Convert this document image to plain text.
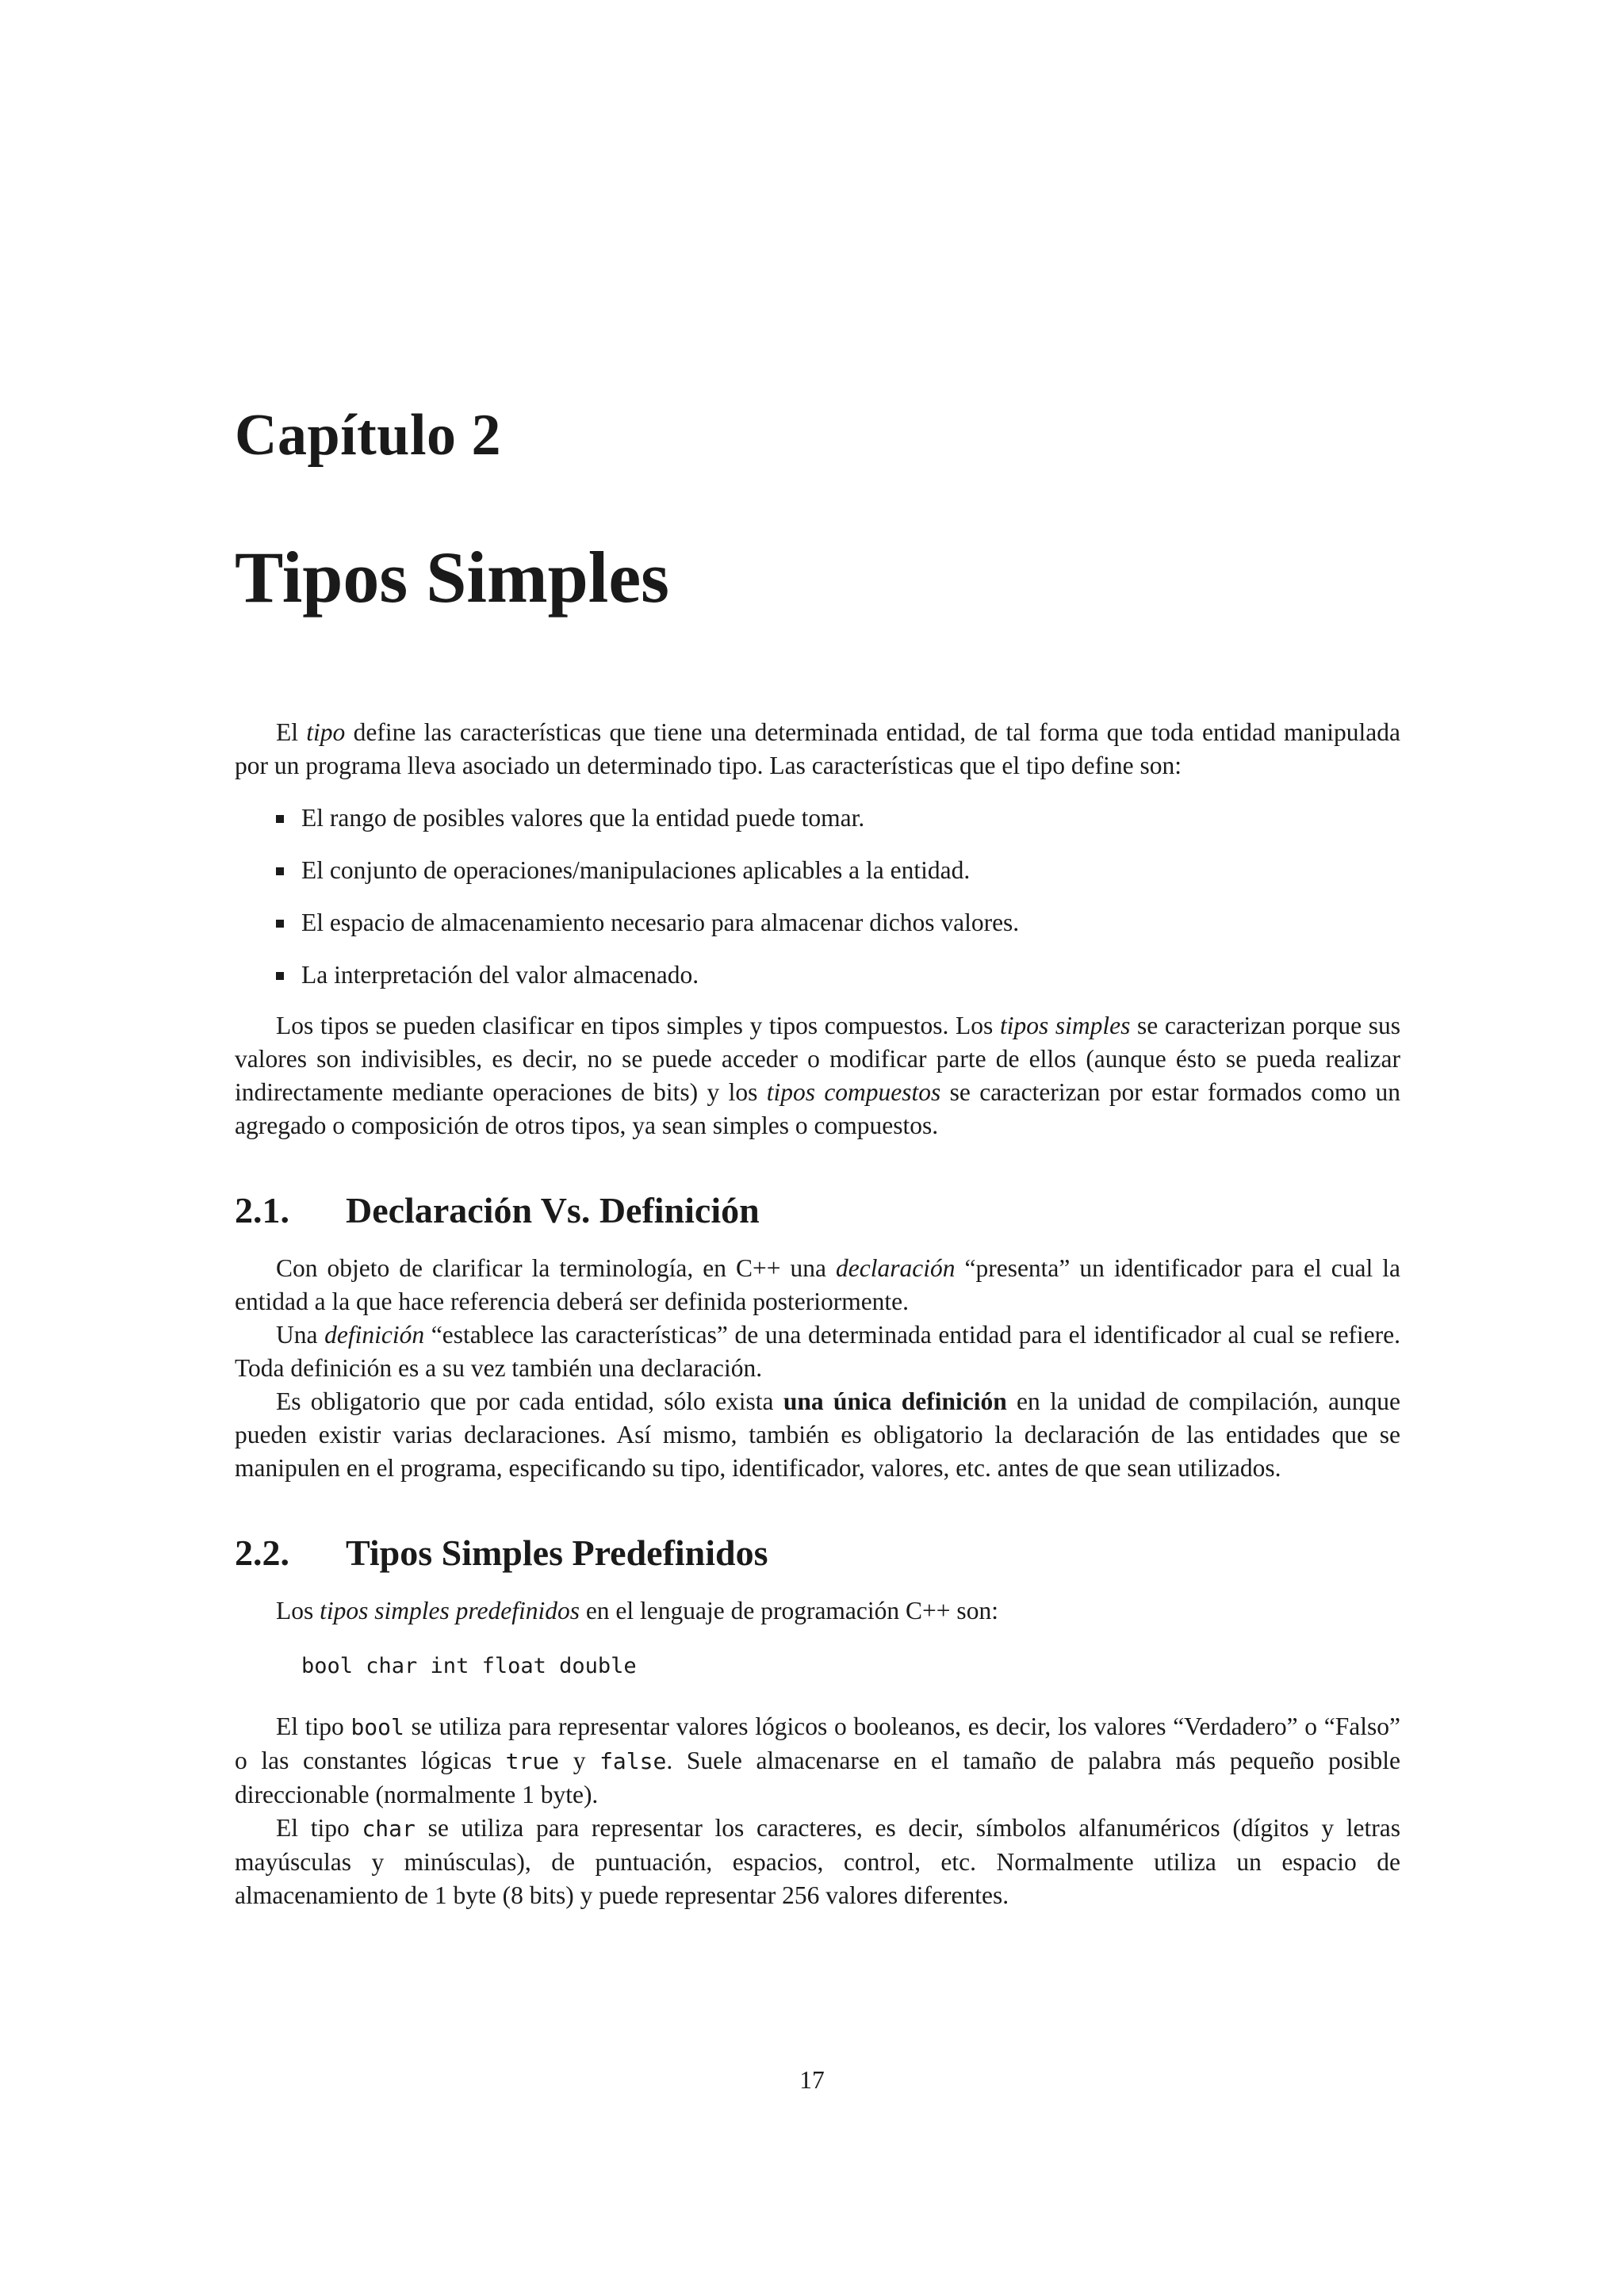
Capítulo 2
Tipos Simples

El tipo define las características que tiene una determinada entidad, de tal forma que toda entidad manipulada por un programa lleva asociado un determinado tipo. Las características que el tipo define son:

El rango de posibles valores que la entidad puede tomar.
El conjunto de operaciones/manipulaciones aplicables a la entidad.
El espacio de almacenamiento necesario para almacenar dichos valores.
La interpretación del valor almacenado.

Los tipos se pueden clasificar en tipos simples y tipos compuestos. Los tipos simples se caracterizan porque sus valores son indivisibles, es decir, no se puede acceder o modificar parte de ellos (aunque ésto se pueda realizar indirectamente mediante operaciones de bits) y los tipos compuestos se caracterizan por estar formados como un agregado o composición de otros tipos, ya sean simples o compuestos.

2.1. Declaración Vs. Definición

Con objeto de clarificar la terminología, en C++ una declaración “presenta” un identificador para el cual la entidad a la que hace referencia deberá ser definida posteriormente.

Una definición “establece las características” de una determinada entidad para el identificador al cual se refiere. Toda definición es a su vez también una declaración.

Es obligatorio que por cada entidad, sólo exista una única definición en la unidad de compilación, aunque pueden existir varias declaraciones. Así mismo, también es obligatorio la declaración de las entidades que se manipulen en el programa, especificando su tipo, identificador, valores, etc. antes de que sean utilizados.

2.2. Tipos Simples Predefinidos

Los tipos simples predefinidos en el lenguaje de programación C++ son:

bool char int float double

El tipo bool se utiliza para representar valores lógicos o booleanos, es decir, los valores “Verdadero” o “Falso” o las constantes lógicas true y false. Suele almacenarse en el tamaño de palabra más pequeño posible direccionable (normalmente 1 byte).

El tipo char se utiliza para representar los caracteres, es decir, símbolos alfanuméricos (dígitos y letras mayúsculas y minúsculas), de puntuación, espacios, control, etc. Normalmente utiliza un espacio de almacenamiento de 1 byte (8 bits) y puede representar 256 valores diferentes.

17
